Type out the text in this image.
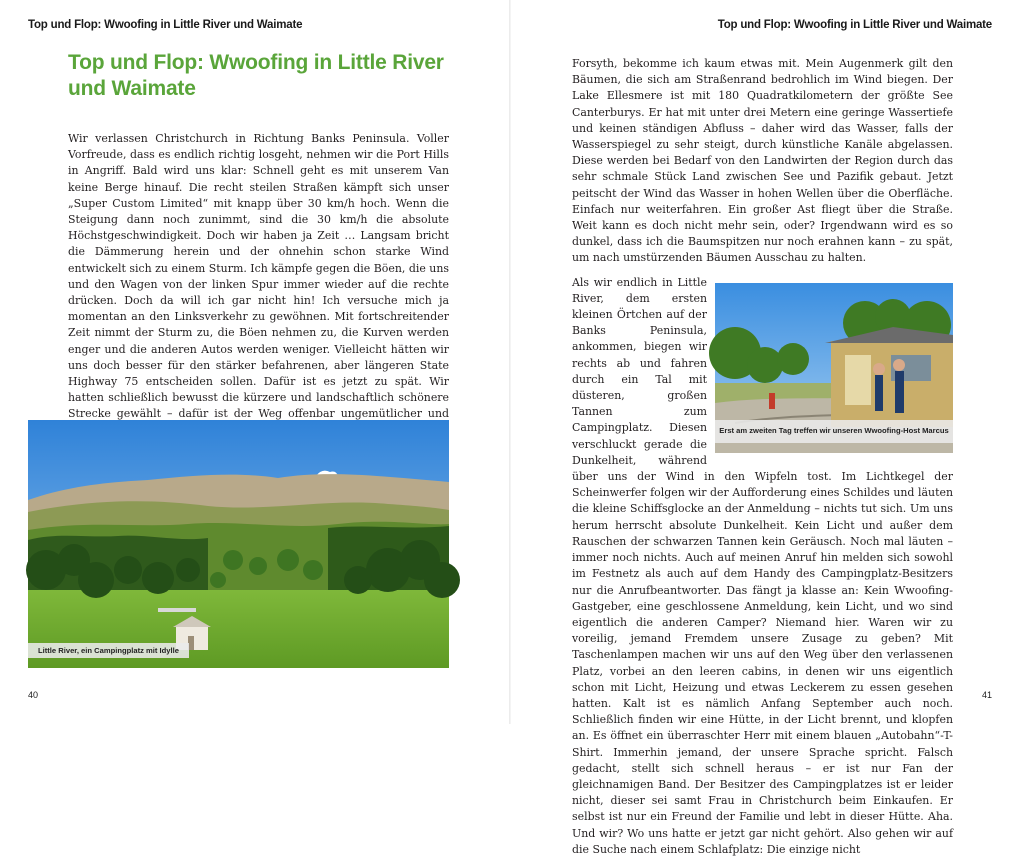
Top und Flop: Wwoofing in Little River und Waimate
Top und Flop: Wwoofing in Little River und Waimate

Wir verlassen Christchurch in Richtung Banks Peninsula. Voller Vorfreude, dass es endlich richtig losgeht, nehmen wir die Port Hills in Angriff. Bald wird uns klar: Schnell geht es mit unserem Van keine Berge hinauf. Die recht steilen Straßen kämpft sich unser „Super Custom Limited“ mit knapp über 30 km/h hoch. Wenn die Steigung dann noch zunimmt, sind die 30 km/h die absolute Höchstgeschwindigkeit. Doch wir haben ja Zeit … Langsam bricht die Dämmerung herein und der ohnehin schon starke Wind entwickelt sich zu einem Sturm. Ich kämpfe gegen die Böen, die uns und den Wagen von der linken Spur immer wieder auf die rechte drücken. Doch da will ich gar nicht hin! Ich versuche mich ja momentan an den Linksverkehr zu gewöhnen. Mit fortschreitender Zeit nimmt der Sturm zu, die Böen nehmen zu, die Kurven werden enger und die anderen Autos werden weniger. Vielleicht hätten wir uns doch besser für den stärker befahrenen, aber längeren State Highway 75 entscheiden sollen. Dafür ist es jetzt zu spät. Wir hatten schließlich bewusst die kürzere und landschaftlich schönere Strecke gewählt – dafür ist der Weg offenbar ungemütlicher und

Little River, ein Campingplatz mit Idylle
40
Top und Flop: Wwoofing in Little River und Waimate

Forsyth, bekomme ich kaum etwas mit. Mein Augenmerk gilt den Bäumen, die sich am Straßenrand bedrohlich im Wind biegen. Der Lake Ellesmere ist mit 180 Quadratkilometern der größte See Canterburys. Er hat mit unter drei Metern eine geringe Wassertiefe und keinen ständigen Abfluss – daher wird das Wasser, falls der Wasserspiegel zu sehr steigt, durch künstliche Kanäle abgelassen. Diese werden bei Bedarf von den Landwirten der Region durch das sehr schmale Stück Land zwischen See und Pazifik gebaut. Jetzt peitscht der Wind das Wasser in hohen Wellen über die Oberfläche. Einfach nur weiterfahren. Ein großer Ast fliegt über die Straße. Weit kann es doch nicht mehr sein, oder? Irgendwann wird es so dunkel, dass ich die Baumspitzen nur noch erahnen kann – zu spät, um nach umstürzenden Bäumen Ausschau zu halten.

Erst am zweiten Tag treffen wir unseren Wwoofing-Host Marcus
Als wir endlich in Little River, dem ersten kleinen Örtchen auf der Banks Peninsula, ankommen, biegen wir rechts ab und fahren durch ein Tal mit düsteren, großen Tannen zum Campingplatz. Diesen verschluckt gerade die Dunkelheit, während über uns der Wind in den Wipfeln tost. Im Lichtkegel der Scheinwerfer folgen wir der Aufforderung eines Schildes und läuten die kleine Schiffsglocke an der Anmeldung – nichts tut sich. Um uns herum herrscht absolute Dunkelheit. Kein Licht und außer dem Rauschen der schwarzen Tannen kein Geräusch. Noch mal läuten – immer noch nichts. Auch auf meinen Anruf hin melden sich sowohl im Festnetz als auch auf dem Handy des Campingplatz-Besitzers nur die Anrufbeantworter. Das fängt ja klasse an: Kein Wwoofing-Gastgeber, eine geschlossene Anmeldung, kein Licht, und wo sind eigentlich die anderen Camper? Niemand hier. Waren wir zu voreilig, jemand Fremdem unsere Zusage zu geben? Mit Taschenlampen machen wir uns auf den Weg über den verlassenen Platz, vorbei an den leeren cabins, in denen wir uns eigentlich schon mit Licht, Heizung und etwas Leckerem zu essen gesehen hatten. Kalt ist es nämlich Anfang September auch noch. Schließlich finden wir eine Hütte, in der Licht brennt, und klopfen an. Es öffnet ein überraschter Herr mit einem blauen „Autobahn“-T-Shirt. Immerhin jemand, der unsere Sprache spricht. Falsch gedacht, stellt sich schnell heraus – er ist nur Fan der gleichnamigen Band. Der Besitzer des Campingplatzes ist er leider nicht, dieser sei samt Frau in Christchurch beim Einkaufen. Er selbst ist nur ein Freund der Familie und lebt in dieser Hütte. Aha. Und wir? Wo uns hatte er jetzt gar nicht gehört. Also gehen wir auf die Suche nach einem Schlafplatz: Die einzige nicht

41
